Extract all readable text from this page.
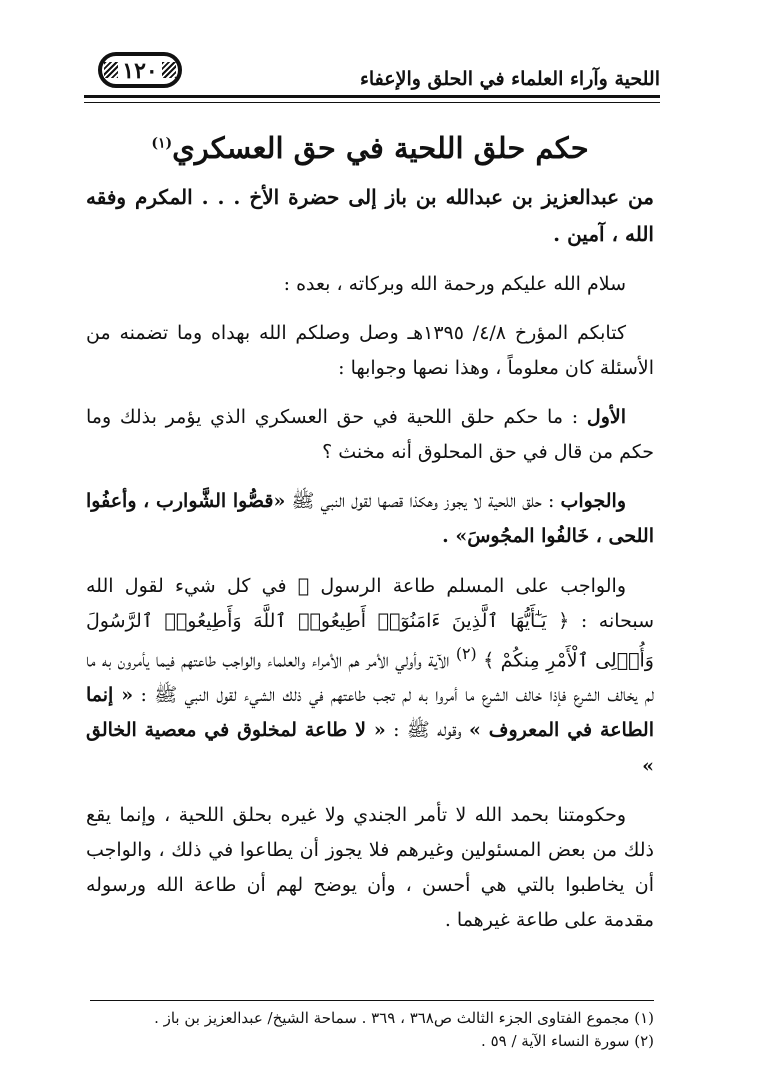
اللحية وآراء العلماء في الحلق والإعفاء
١٢٠
حكم حلق اللحية في حق العسكري$^{(١)}$

من عبدالعزيز بن عبدالله بن باز إلى حضرة الأخ . . . المكرم وفقه الله ، آمين .

سلام الله عليكم ورحمة الله وبركاته ، بعده :

كتابكم المؤرخ ٤/٨/ ١٣٩٥هـ وصل وصلكم الله بهداه وما تضمنه من الأسئلة كان معلوماً ، وهذا نصها وجوابها :

الأول : ما حكم حلق اللحية في حق العسكري الذي يؤمر بذلك وما حكم من قال في حق المحلوق أنه مخنث ؟

والجواب : حلق اللحية لا يجوز وهكذا قصها لقول النبي ﷺ «قصُّوا الشَّوارب ، وأعفُوا اللحى ، خَالفُوا المجُوسَ» .

والواجب على المسلم طاعة الرسول ﷺ في كل شيء لقول الله سبحانه : ﴿ يَـٰٓأَيُّهَا ٱلَّذِينَ ءَامَنُوٓا۟ أَطِيعُوا۟ ٱللَّهَ وَأَطِيعُوا۟ ٱلرَّسُولَ وَأُو۟لِى ٱلْأَمْرِ مِنكُمْ ﴾ $^{(٢)}$ الآية وأولي الأمر هم الأمراء والعلماء والواجب طاعتهم فيما يأمرون به ما لم يخالف الشرع فإذا خالف الشرع ما أمروا به لم تجب طاعتهم في ذلك الشيء لقول النبي ﷺ : « إنما الطاعة في المعروف » وقوله ﷺ : « لا طاعة لمخلوق في معصية الخالق »

وحكومتنا بحمد الله لا تأمر الجندي ولا غيره بحلق اللحية ، وإنما يقع ذلك من بعض المسئولين وغيرهم فلا يجوز أن يطاعوا في ذلك ، والواجب أن يخاطبوا بالتي هي أحسن ، وأن يوضح لهم أن طاعة الله ورسوله مقدمة على طاعة غيرهما .

(١) مجموع الفتاوى الجزء الثالث ص٣٦٨ ، ٣٦٩ . سماحة الشيخ/ عبدالعزيز بن باز .

(٢) سورة النساء الآية / ٥٩ .
